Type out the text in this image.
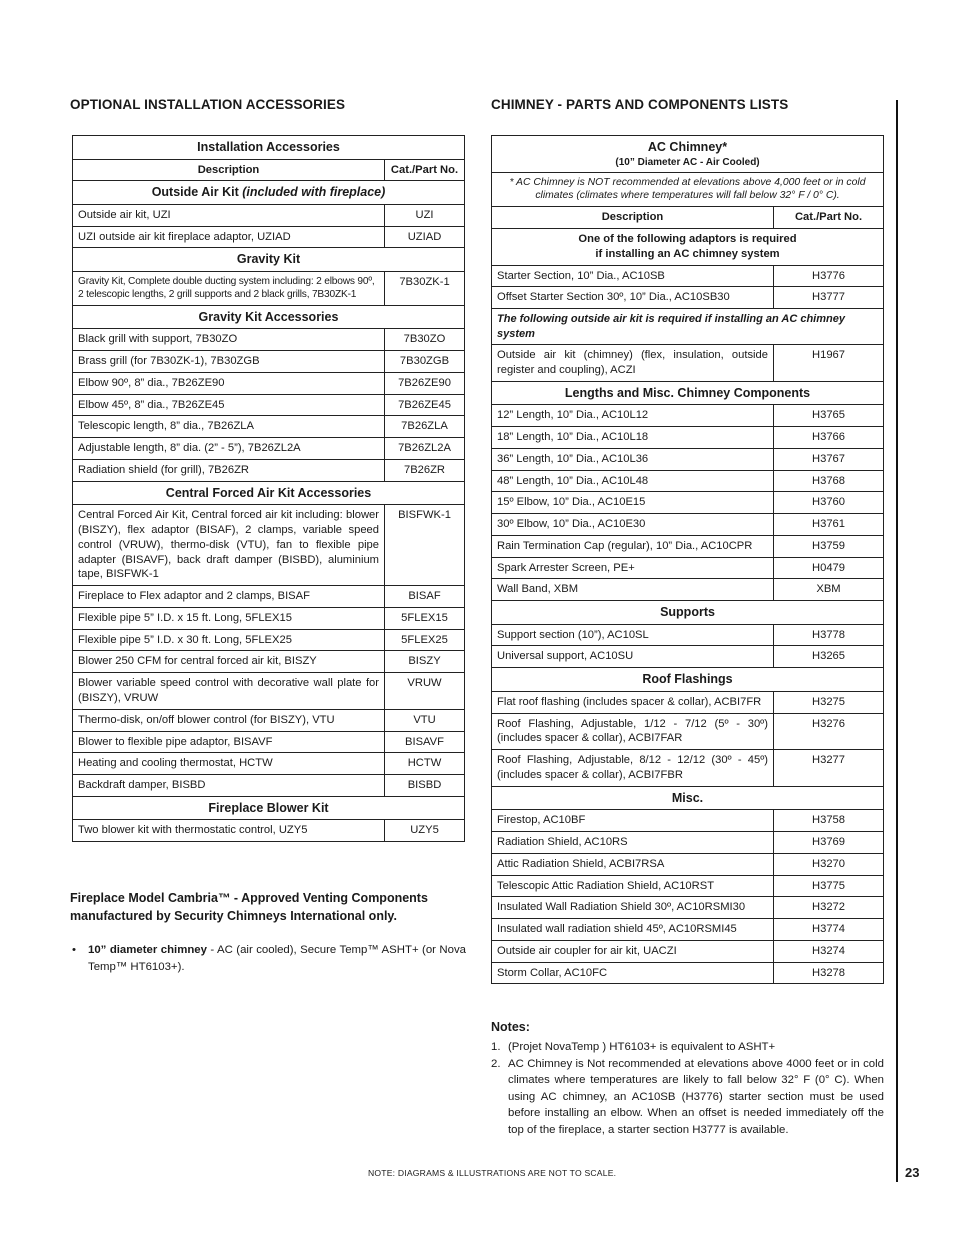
OPTIONAL INSTALLATION ACCESSORIES	CHIMNEY - PARTS AND COMPONENTS LISTS
Installation Accessories	
Description	Cat./Part No.
Outside Air Kit (included with fireplace)	
Outside air kit, UZI	UZI
UZI outside air kit fireplace adaptor, UZIAD	UZIAD
Gravity Kit	
Gravity Kit, Complete double ducting system including: 2 elbows 90º, 2 telescopic lengths, 2 grill supports and 2 black grills, 7B30ZK-1	7B30ZK-1
Gravity Kit Accessories	
Black grill with support, 7B30ZO	7B30ZO
Brass grill (for 7B30ZK-1), 7B30ZGB	7B30ZGB
Elbow 90º, 8” dia., 7B26ZE90	7B26ZE90
Elbow 45º, 8” dia., 7B26ZE45	7B26ZE45
Telescopic length, 8” dia., 7B26ZLA	7B26ZLA
Adjustable length, 8” dia. (2” - 5”), 7B26ZL2A	7B26ZL2A
Radiation shield (for grill), 7B26ZR	7B26ZR
Central Forced Air Kit Accessories	
Central Forced Air Kit, Central forced air kit including: blower (BISZY), flex adaptor (BISAF), 2 clamps, variable speed control (VRUW), thermo-disk (VTU), fan to flexible pipe adapter (BISAVF), back draft damper (BISBD), aluminium tape, BISFWK-1	BISFWK-1
Fireplace to Flex adaptor and 2 clamps, BISAF	BISAF
Flexible pipe 5” I.D. x 15 ft. Long, 5FLEX15	5FLEX15
Flexible pipe 5” I.D. x 30 ft. Long, 5FLEX25	5FLEX25
Blower 250 CFM for central forced air kit, BISZY	BISZY
Blower variable speed control with decorative wall plate for (BISZY), VRUW	VRUW
Thermo-disk, on/off blower control (for BISZY), VTU	VTU
Blower to flexible pipe adaptor, BISAVF	BISAVF
Heating and cooling thermostat, HCTW	HCTW
Backdraft damper, BISBD	BISBD
Fireplace Blower Kit	
Two blower kit with thermostatic control, UZY5	UZY5
Fireplace Model Cambria™ - Approved Venting Components manufactured by Security Chimneys International only.
• 10” diameter chimney - AC (air cooled), Secure Temp™ ASHT+ (or Nova Temp™ HT6103+).
AC Chimney*
(10” Diameter AC - Air Cooled)	

* AC Chimney is NOT recommended at elevations above 4,000 feet or in cold climates (climates where temperatures will fall below 32° F / 0° C).	
Description	Cat./Part No.
One of the following adaptors is required
if installing an AC chimney system	
Starter Section, 10” Dia., AC10SB	H3776
Offset Starter Section 30º, 10” Dia., AC10SB30	H3777
The following outside air kit is required if installing an AC chimney system	
Outside air kit (chimney) (flex, insulation, outside register and coupling), ACZI	H1967
Lengths and Misc. Chimney Components	
12” Length, 10” Dia., AC10L12	H3765
18” Length, 10” Dia., AC10L18	H3766
36” Length, 10” Dia., AC10L36	H3767
48” Length, 10” Dia., AC10L48	H3768
15º Elbow, 10” Dia., AC10E15	H3760
30º Elbow, 10” Dia., AC10E30	H3761
Rain Termination Cap (regular), 10” Dia., AC10CPR	H3759
Spark Arrester Screen, PE+	H0479
Wall Band, XBM	XBM
Supports	
Support section (10”), AC10SL	H3778
Universal support, AC10SU	H3265
Roof Flashings	
Flat roof flashing (includes spacer & collar), ACBI7FR	H3275
Roof Flashing, Adjustable, 1/12 - 7/12 (5º - 30º) (includes spacer & collar), ACBI7FAR	H3276
Roof Flashing, Adjustable, 8/12 - 12/12 (30º - 45º) (includes spacer & collar), ACBI7FBR	H3277
Misc.	
Firestop, AC10BF	H3758
Radiation Shield, AC10RS	H3769
Attic Radiation Shield, ACBI7RSA	H3270
Telescopic Attic Radiation Shield, AC10RST	H3775
Insulated Wall Radiation Shield 30º, AC10RSMI30	H3272
Insulated wall radiation shield 45º, AC10RSMI45	H3774
Outside air coupler for air kit, UACZI	H3274
Storm Collar, AC10FC	H3278
Notes:
1. (Projet NovaTemp ) HT6103+ is equivalent to ASHT+
2. AC Chimney is Not recommended at elevations above 4000 feet or in cold climates where temperatures are likely to fall below 32° F (0° C). When using AC chimney, an AC10SB (H3776) starter section must be used before installing an elbow. When an offset is needed immediately off the top of the fireplace, a starter section H3777 is available.
NOTE: DIAGRAMS & ILLUSTRATIONS ARE NOT TO SCALE.	23
